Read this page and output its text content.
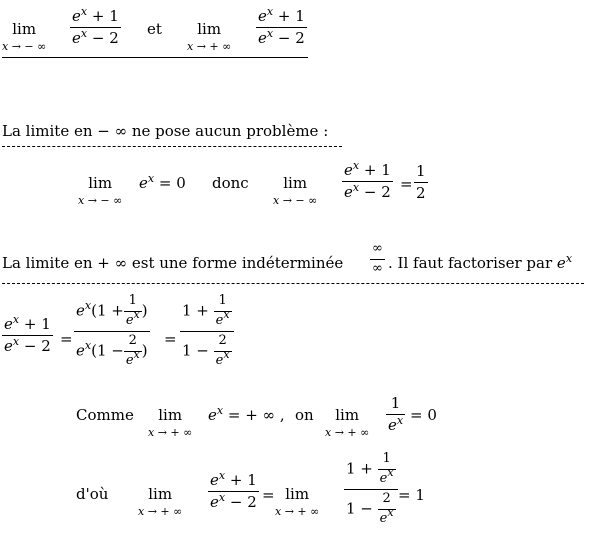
lim
x → − ∞ $\frac{e^x + 1}{e^x - 2}$ et	lim
x → + ∞ $\frac{e^x + 1}{e^x - 2}$
La limite en − ∞ ne pose aucun problème :
lim
x → − ∞
$e^x = 0$ donc	lim
x → − ∞ $\frac{e^x + 1}{e^x - 2} = \frac{1}{2}$
La limite en + ∞ est une forme indéterminée $\frac{\infty}{\infty}$ . Il faut factoriser par $e^x$
$\frac{e^x + 1}{e^x - 2} = \frac{e^x(1 + \frac{1}{e^x} )}{e^x(1 - \frac{2}{e^x} )} = \frac{1 + \frac{1}{e^x}}{1 - \frac{2}{e^x}}$
Comme	lim
x → + ∞
$e^x$ = + ∞ , on	lim
x → + ∞ $\frac{1}{e^x} = 0$
d'où	lim
x → + ∞ $\frac{e^x + 1}{e^x - 2} = \lim$
x → + ∞ $\frac{1 + \frac{1}{e^x}}{1 - \frac{2}{e^x}} = 1$
